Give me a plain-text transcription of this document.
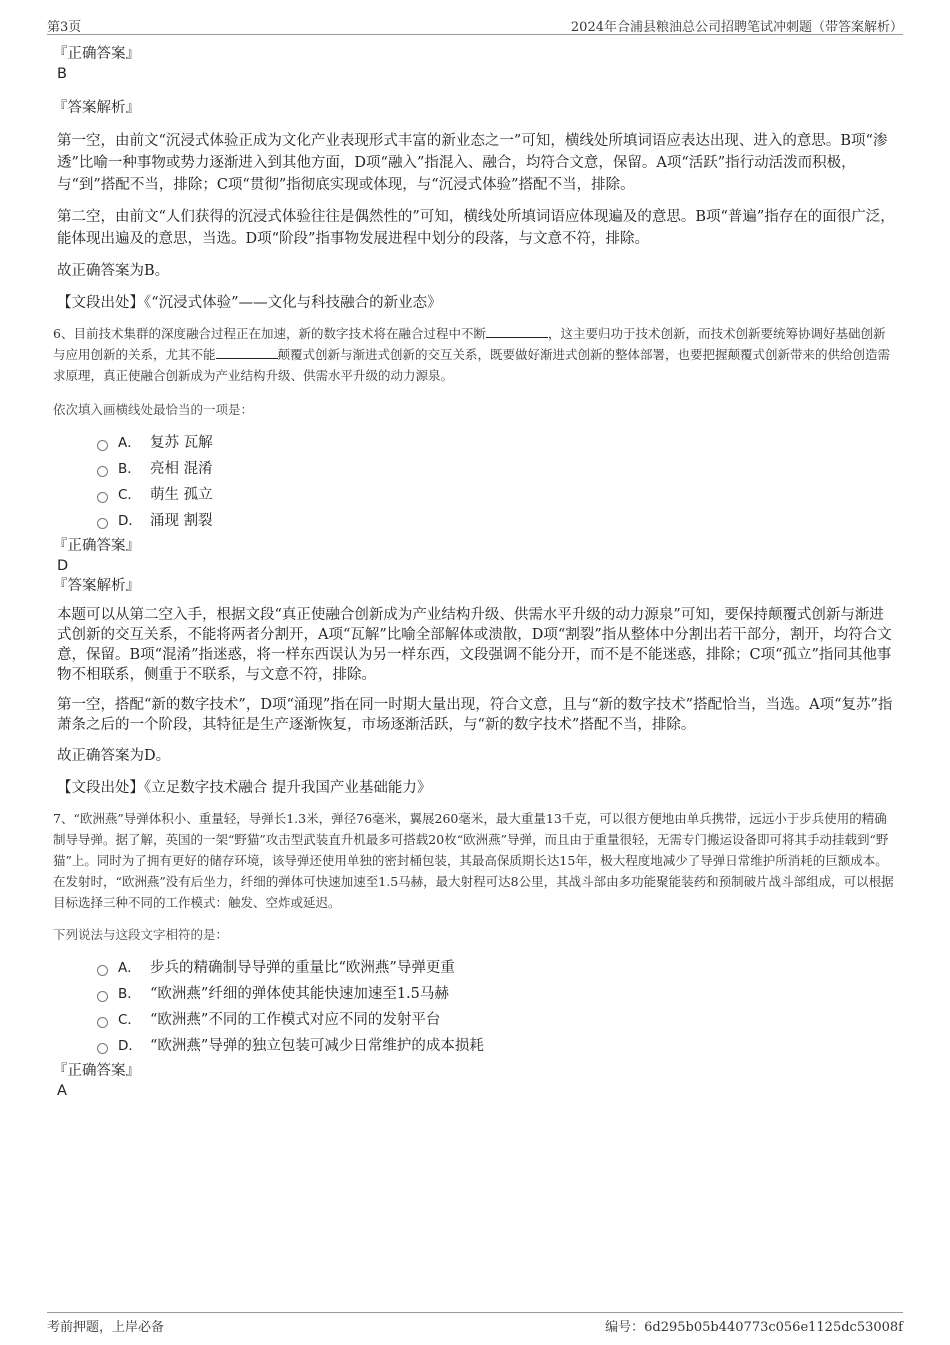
第3页	2024年合浦县粮油总公司招聘笔试冲刺题（带答案解析）
『正确答案』
B
『答案解析』
第一空，由前文“沉浸式体验正成为文化产业表现形式丰富的新业态之一”可知，横线处所填词语应表达出现、进入的意思。B项“渗透”比喻一种事物或势力逐渐进入到其他方面，D项“融入”指混入、融合，均符合文意，保留。A项“活跃”指行动活泼而积极，与“到”搭配不当，排除；C项“贯彻”指彻底实现或体现，与“沉浸式体验”搭配不当，排除。
第二空，由前文“人们获得的沉浸式体验往往是偶然性的”可知，横线处所填词语应体现遍及的意思。B项“普遍”指存在的面很广泛，能体现出遍及的意思，当选。D项“阶段”指事物发展进程中划分的段落，与文意不符，排除。
故正确答案为B。
【文段出处】《“沉浸式体验”——文化与科技融合的新业态》
6、目前技术集群的深度融合过程正在加速，新的数字技术将在融合过程中不断	，这主要归功于技术创新，而技术创新要统筹协调好基础创新与应用创新的关系，尤其不能	颠覆式创新与渐进式创新的交互关系，既要做好渐进式创新的整体部署，也要把握颠覆式创新带来的供给创造需求原理，真正使融合创新成为产业结构升级、供需水平升级的动力源泉。
依次填入画横线处最恰当的一项是：
A． 复苏 瓦解
B． 亮相 混淆
C． 萌生 孤立
D． 涌现 割裂
『正确答案』
D
『答案解析』
本题可以从第二空入手，根据文段“真正使融合创新成为产业结构升级、供需水平升级的动力源泉”可知，要保持颠覆式创新与渐进式创新的交互关系，不能将两者分割开，A项“瓦解”比喻全部解体或溃散，D项“割裂”指从整体中分割出若干部分，割开，均符合文意，保留。B项“混淆”指迷惑，将一样东西误认为另一样东西，文段强调不能分开，而不是不能迷惑，排除；C项“孤立”指同其他事物不相联系，侧重于不联系，与文意不符，排除。
第一空，搭配“新的数字技术”，D项“涌现”指在同一时期大量出现，符合文意，且与“新的数字技术”搭配恰当，当选。A项“复苏”指萧条之后的一个阶段，其特征是生产逐渐恢复，市场逐渐活跃，与“新的数字技术”搭配不当，排除。
故正确答案为D。
【文段出处】《立足数字技术融合 提升我国产业基础能力》
7、“欧洲燕”导弹体积小、重量轻，导弹长1.3米，弹径76毫米，翼展260毫米，最大重量13千克，可以很方便地由单兵携带，远远小于步兵使用的精确制导导弹。据了解，英国的一架“野猫”攻击型武装直升机最多可搭载20枚“欧洲燕”导弹，而且由于重量很轻，无需专门搬运设备即可将其手动挂载到“野猫”上。同时为了拥有更好的储存环境，该导弹还使用单独的密封桶包装，其最高保质期长达15年，极大程度地减少了导弹日常维护所消耗的巨额成本。在发射时，“欧洲燕”没有后坐力，纤细的弹体可快速加速至1.5马赫，最大射程可达8公里，其战斗部由多功能聚能装药和预制破片战斗部组成，可以根据目标选择三种不同的工作模式：触发、空炸或延迟。
下列说法与这段文字相符的是：
A． 步兵的精确制导导弹的重量比“欧洲燕”导弹更重
B． “欧洲燕”纤细的弹体使其能快速加速至1.5马赫
C． “欧洲燕”不同的工作模式对应不同的发射平台
D． “欧洲燕”导弹的独立包装可减少日常维护的成本损耗
『正确答案』
A
考前押题，上岸必备	编号：6d295b05b440773c056e1125dc53008f
